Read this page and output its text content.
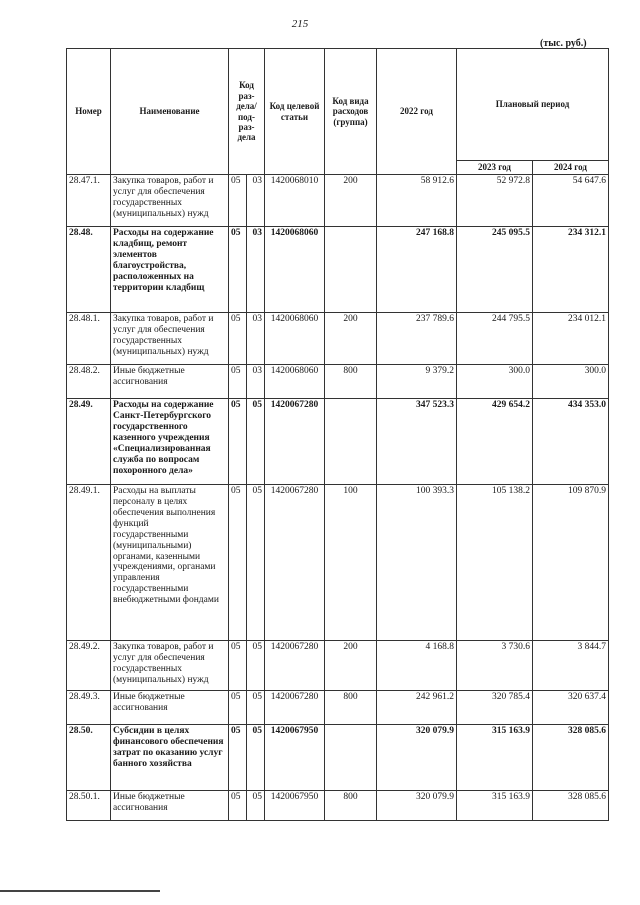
215
(тыс. руб.)
Номер	Наименование	Код раз-дела/ под-раз-дела		Код целевой статьи	Код вида расходов (группа)	2022 год	Плановый период	
							2023 год	2024 год
28.47.1.	Закупка товаров, работ и услуг для обеспечения государственных (муниципальных) нужд	05	03	1420068010	200	58 912.6	52 972.8	54 647.6
28.48.	Расходы на содержание кладбищ, ремонт элементов благоустройства, расположенных на территории кладбищ	05	03	1420068060		247 168.8	245 095.5	234 312.1
28.48.1.	Закупка товаров, работ и услуг для обеспечения государственных (муниципальных) нужд	05	03	1420068060	200	237 789.6	244 795.5	234 012.1
28.48.2.	Иные бюджетные ассигнования	05	03	1420068060	800	9 379.2	300.0	300.0
28.49.	Расходы на содержание Санкт-Петербургского государственного казенного учреждения «Специализированная служба по вопросам похоронного дела»	05	05	1420067280		347 523.3	429 654.2	434 353.0
28.49.1.	Расходы на выплаты персоналу в целях обеспечения выполнения функций государственными (муниципальными) органами, казенными учреждениями, органами управления государственными внебюджетными фондами	05	05	1420067280	100	100 393.3	105 138.2	109 870.9
28.49.2.	Закупка товаров, работ и услуг для обеспечения государственных (муниципальных) нужд	05	05	1420067280	200	4 168.8	3 730.6	3 844.7
28.49.3.	Иные бюджетные ассигнования	05	05	1420067280	800	242 961.2	320 785.4	320 637.4
28.50.	Субсидии в целях финансового обеспечения затрат по оказанию услуг банного хозяйства	05	05	1420067950		320 079.9	315 163.9	328 085.6
28.50.1.	Иные бюджетные ассигнования	05	05	1420067950	800	320 079.9	315 163.9	328 085.6
